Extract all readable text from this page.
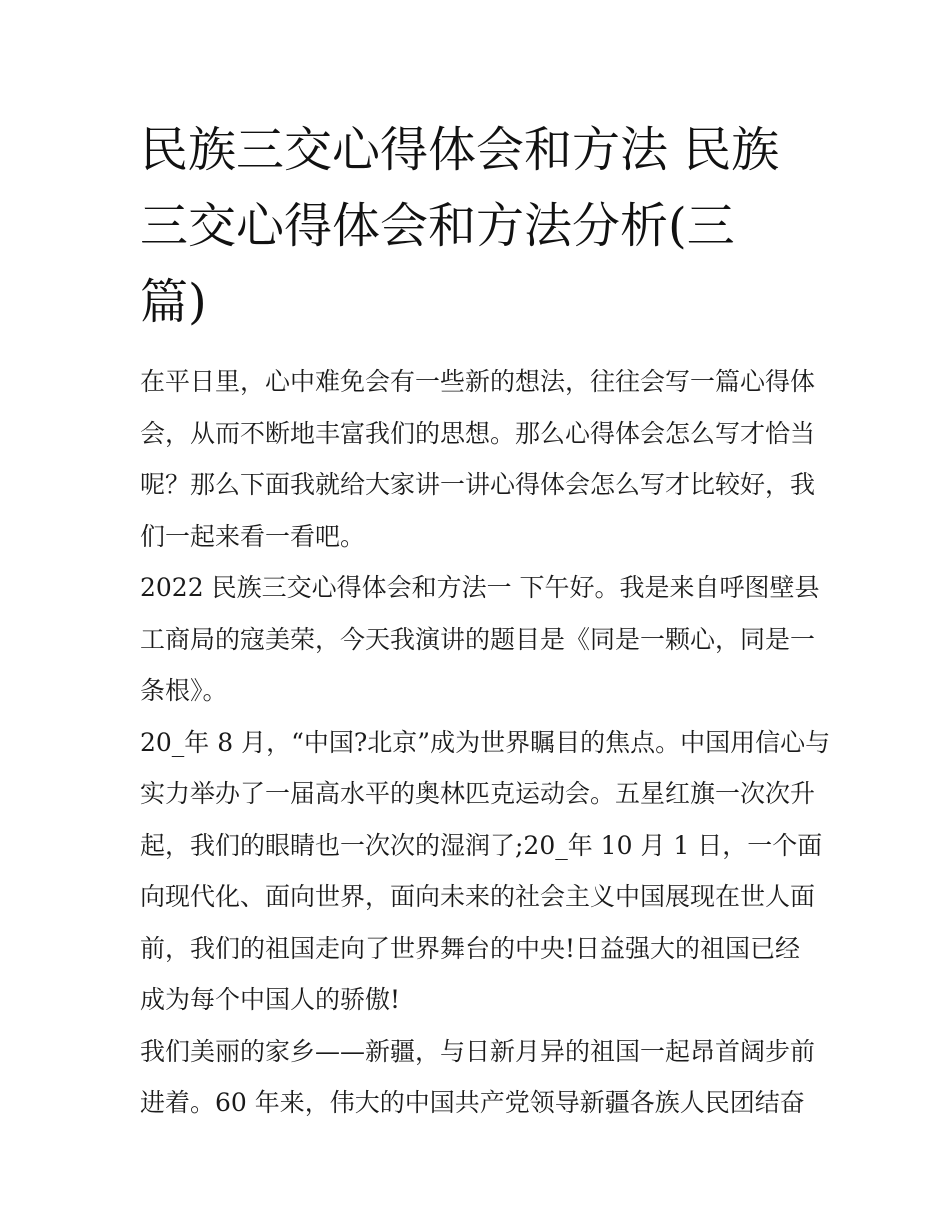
民族三交心得体会和方法 民族
三交心得体会和方法分析(三
篇)

在平日里，心中难免会有一些新的想法，往往会写一篇心得体
会，从而不断地丰富我们的思想。那么心得体会怎么写才恰当
呢？那么下面我就给大家讲一讲心得体会怎么写才比较好，我
们一起来看一看吧。

2022 民族三交心得体会和方法一 下午好。我是来自呼图壁县
工商局的寇美荣，今天我演讲的题目是《同是一颗心，同是一
条根》。

20_年 8 月，“中国?北京”成为世界瞩目的焦点。中国用信心与
实力举办了一届高水平的奥林匹克运动会。五星红旗一次次升
起，我们的眼睛也一次次的湿润了;20_年 10 月 1 日，一个面
向现代化、面向世界，面向未来的社会主义中国展现在世人面
前，我们的祖国走向了世界舞台的中央!日益强大的祖国已经
成为每个中国人的骄傲!

我们美丽的家乡——新疆，与日新月异的祖国一起昂首阔步前
进着。60 年来，伟大的中国共产党领导新疆各族人民团结奋
